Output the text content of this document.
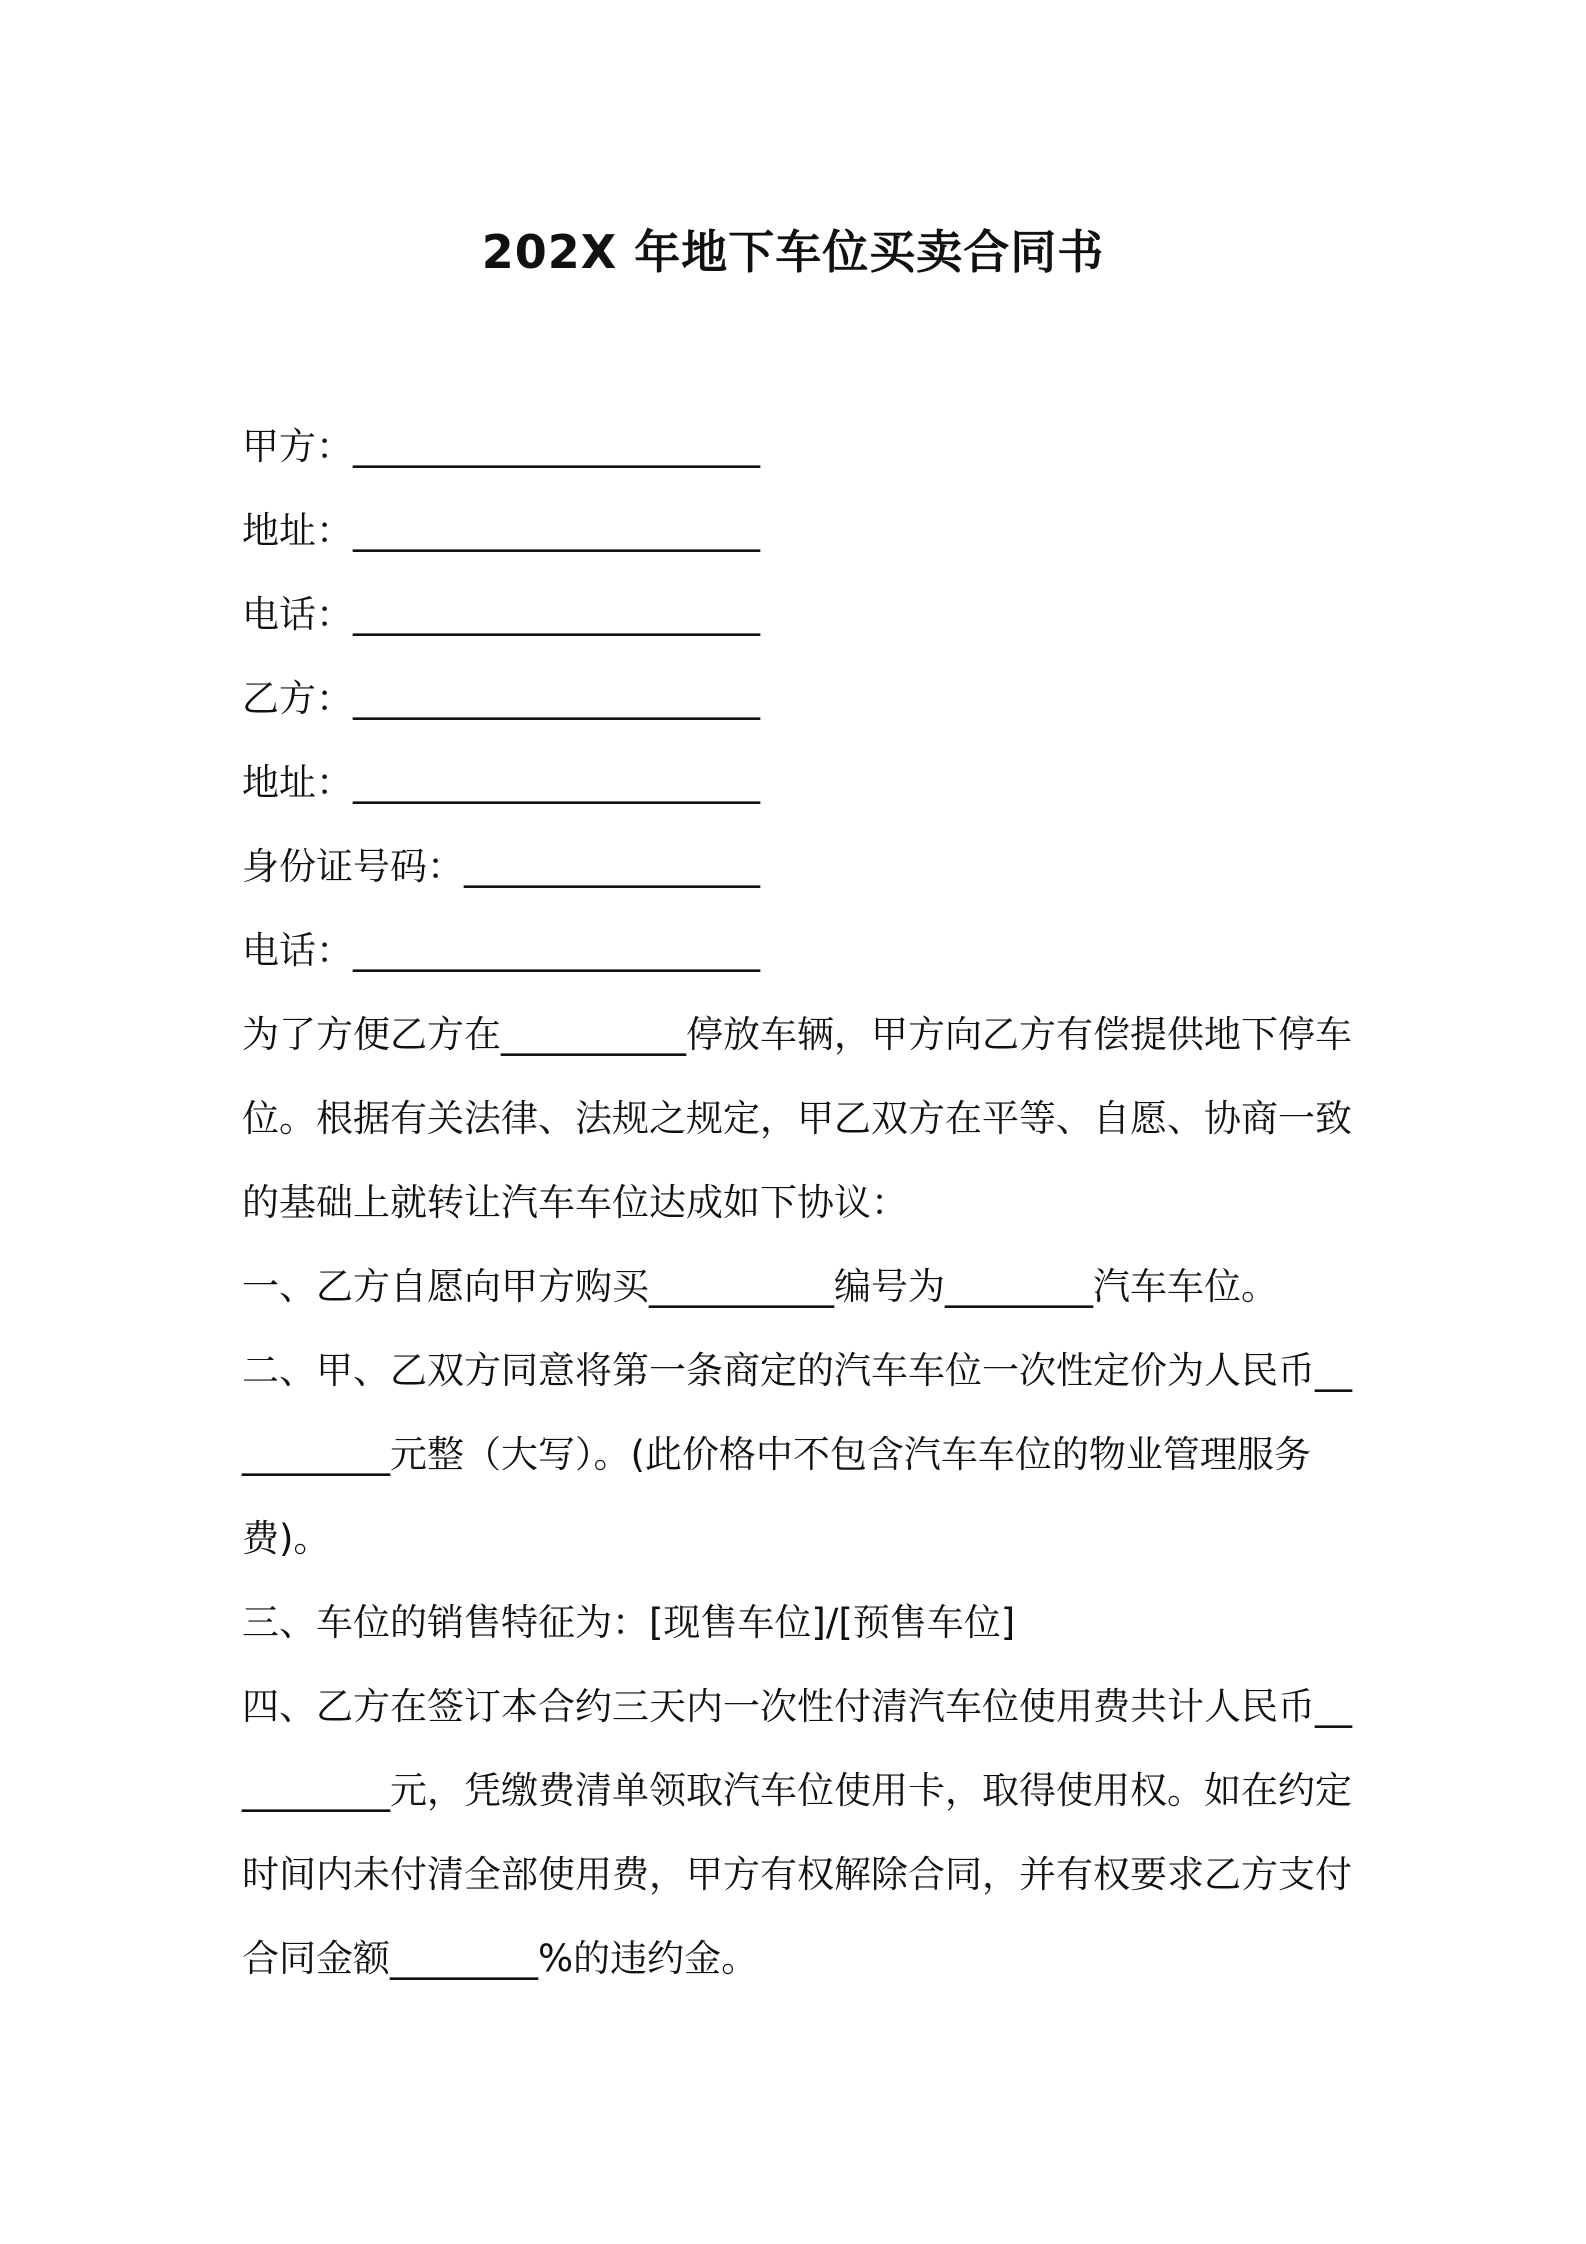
202X 年地下车位买卖合同书
甲方：______________________
地址：______________________
电话：______________________
乙方：______________________
地址：______________________
身份证号码：________________
电话：______________________
为了方便乙方在__________停放车辆，甲方向乙方有偿提供地下停车位。根据有关法律、法规之规定，甲乙双方在平等、自愿、协商一致的基础上就转让汽车车位达成如下协议：
一、乙方自愿向甲方购买__________编号为________汽车车位。
二、甲、乙双方同意将第一条商定的汽车车位一次性定价为人民币__________元整（大写）。(此价格中不包含汽车车位的物业管理服务费)。
三、车位的销售特征为：[现售车位]/[预售车位]
四、乙方在签订本合约三天内一次性付清汽车位使用费共计人民币__________元，凭缴费清单领取汽车位使用卡，取得使用权。如在约定时间内未付清全部使用费，甲方有权解除合同，并有权要求乙方支付合同金额________%的违约金。
